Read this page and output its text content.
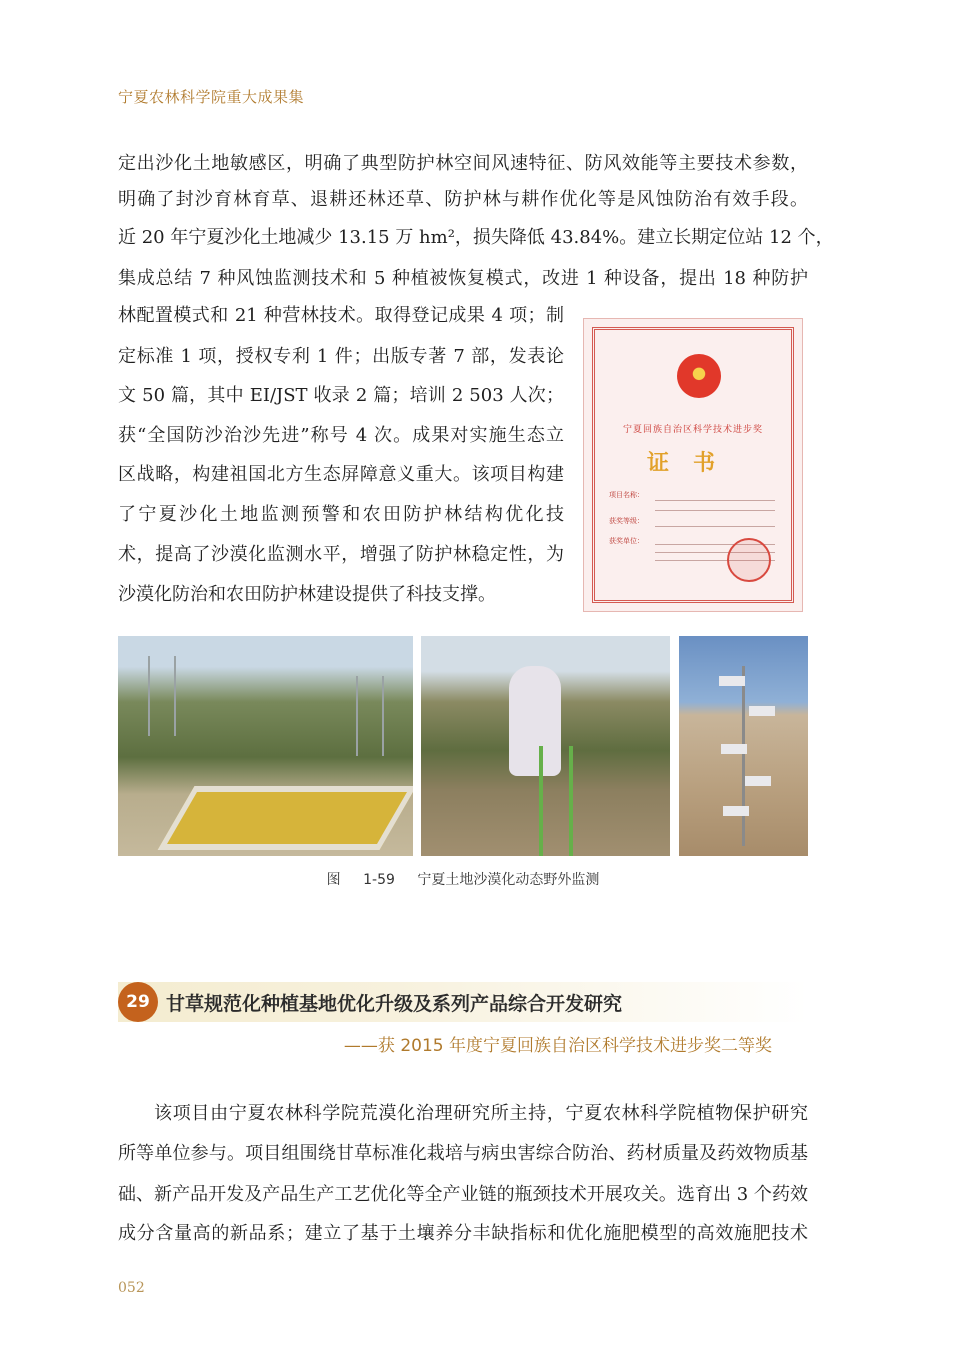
宁夏农林科学院重大成果集
定出沙化土地敏感区，明确了典型防护林空间风速特征、防风效能等主要技术参数，
明确了封沙育林育草、退耕还林还草、防护林与耕作优化等是风蚀防治有效手段。
近 20 年宁夏沙化土地减少 13.15 万 hm²，损失降低 43.84%。建立长期定位站 12 个，
集成总结 7 种风蚀监测技术和 5 种植被恢复模式，改进 1 种设备，提出 18 种防护
林配置模式和 21 种营林技术。取得登记成果 4 项；制
定标准 1 项，授权专利 1 件；出版专著 7 部，发表论
文 50 篇，其中 EI/JST 收录 2 篇；培训 2 503 人次；
获“全国防沙治沙先进”称号 4 次。成果对实施生态立
区战略，构建祖国北方生态屏障意义重大。该项目构建
了宁夏沙化土地监测预警和农田防护林结构优化技
术，提高了沙漠化监测水平，增强了防护林稳定性，为
沙漠化防治和农田防护林建设提供了科技支撑。
宁夏回族自治区科学技术进步奖
证书
项目名称：
获奖等级：
获奖单位：
图 1-59 宁夏土地沙漠化动态野外监测
29 甘草规范化种植基地优化升级及系列产品综合开发研究
——获 2015 年度宁夏回族自治区科学技术进步奖二等奖
该项目由宁夏农林科学院荒漠化治理研究所主持，宁夏农林科学院植物保护研究
所等单位参与。项目组围绕甘草标准化栽培与病虫害综合防治、药材质量及药效物质基
础、新产品开发及产品生产工艺优化等全产业链的瓶颈技术开展攻关。选育出 3 个药效
成分含量高的新品系；建立了基于土壤养分丰缺指标和优化施肥模型的高效施肥技术
052
